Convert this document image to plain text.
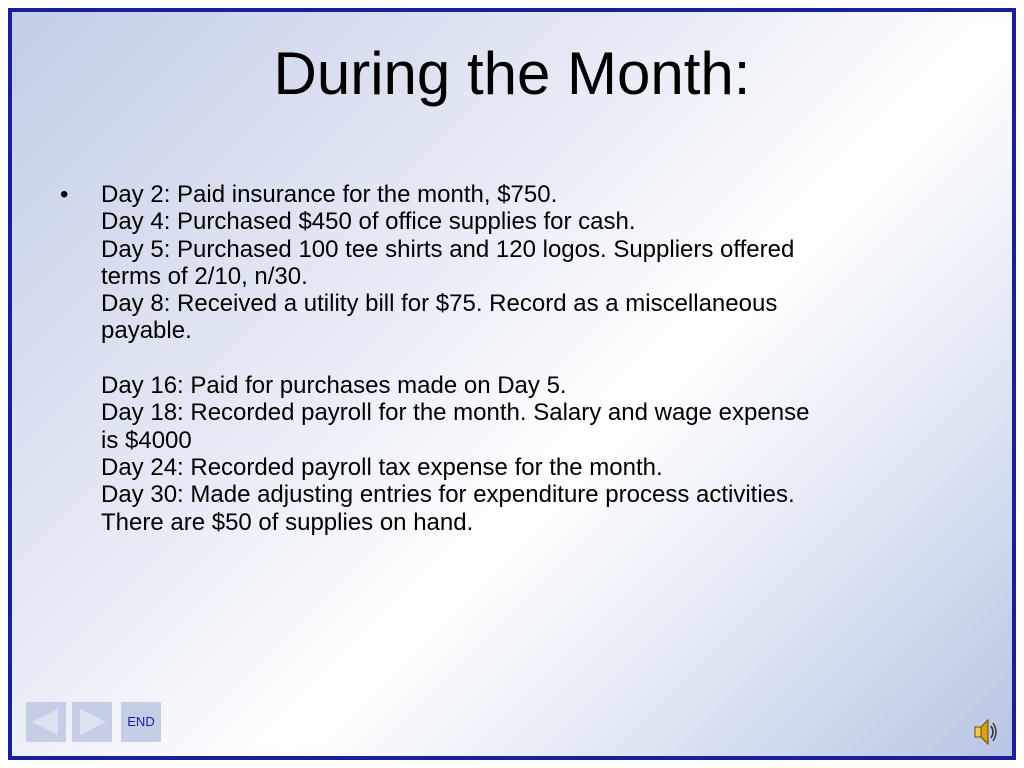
During the Month:
• Day 2: Paid insurance for the month, $750.
Day 4: Purchased $450 of office supplies for cash.
Day 5: Purchased 100 tee shirts and 120 logos. Suppliers offered
terms of 2/10, n/30.
Day 8: Received a utility bill for $75. Record as a miscellaneous
payable.
Day 16: Paid for purchases made on Day 5.
Day 18: Recorded payroll for the month. Salary and wage expense
is $4000
Day 24: Recorded payroll tax expense for the month.
Day 30: Made adjusting entries for expenditure process activities.
There are $50 of supplies on hand.
END
